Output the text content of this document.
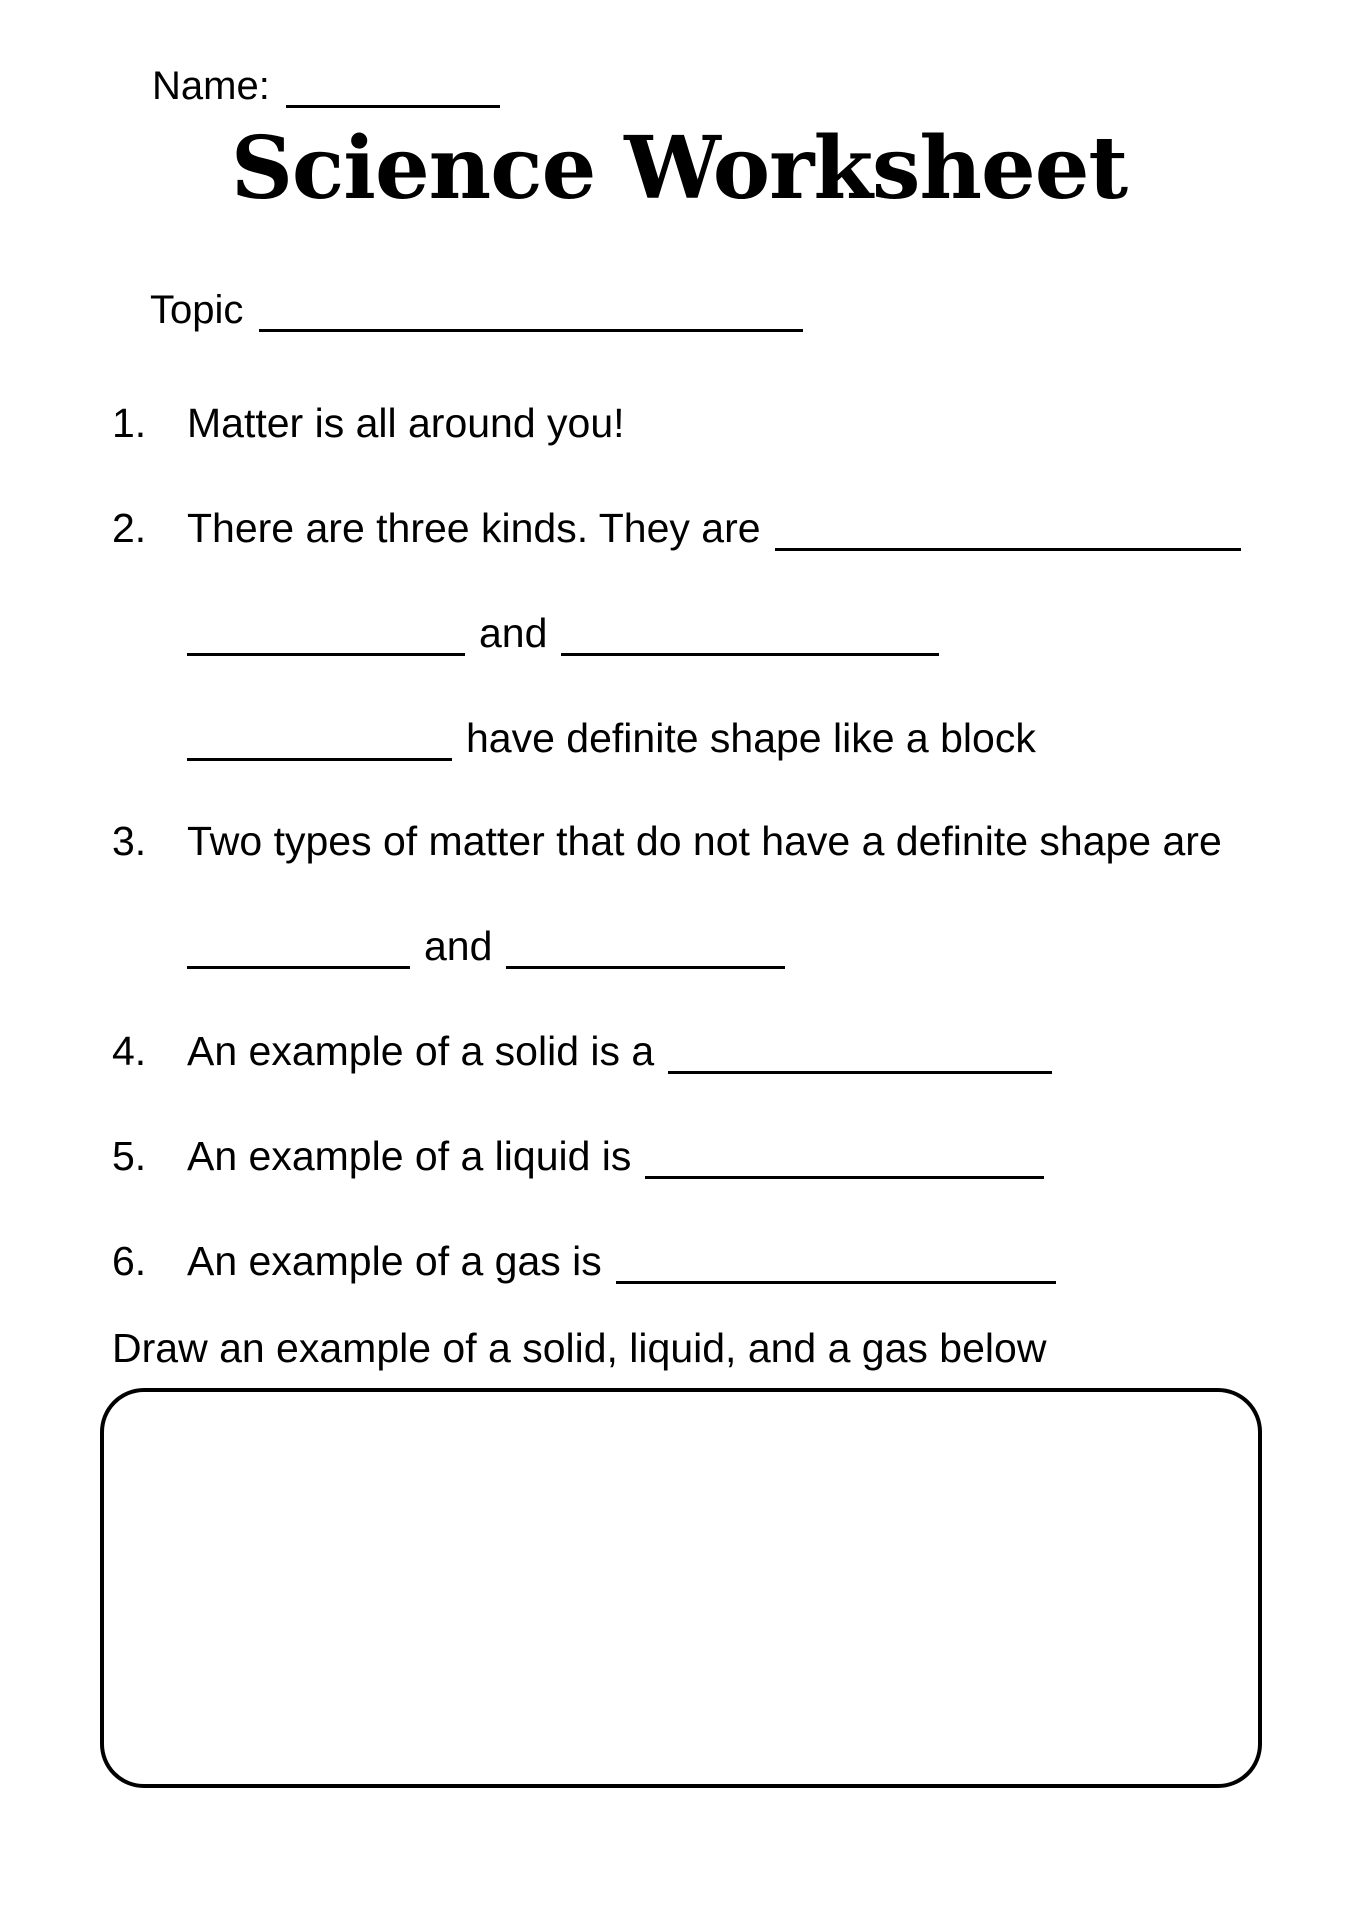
Name:
Science Worksheet
Topic
1. Matter is all around you!
2. There are three kinds. They are
and
have definite shape like a block
3. Two types of matter that do not have a definite shape are
and
4. An example of a solid is a
5. An example of a liquid is
6. An example of a gas is
Draw an example of a solid, liquid, and a gas below
